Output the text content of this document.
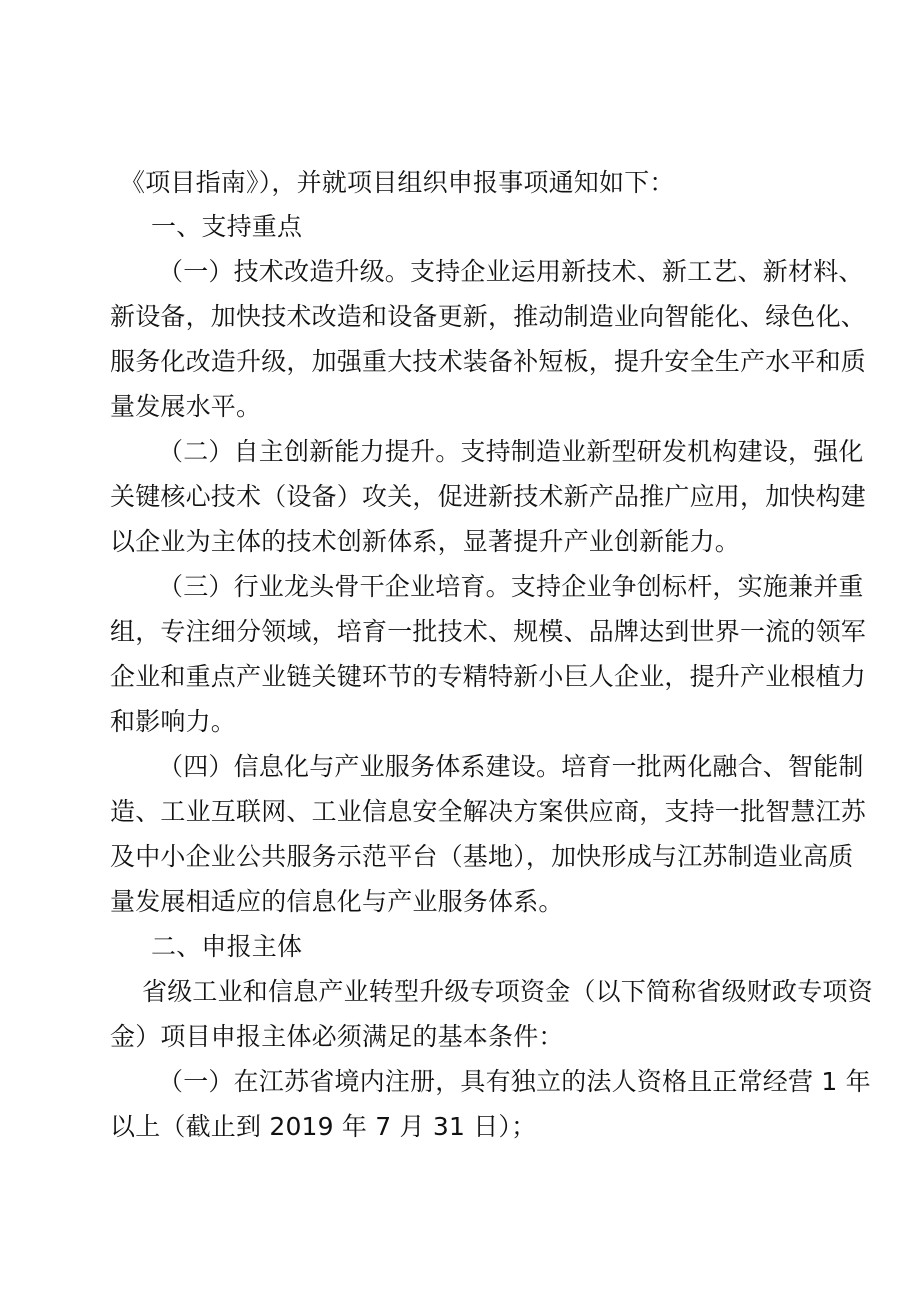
《项目指南》），并就项目组织申报事项通知如下：
一、支持重点
（一）技术改造升级。支持企业运用新技术、新工艺、新材料、
新设备，加快技术改造和设备更新，推动制造业向智能化、绿色化、
服务化改造升级，加强重大技术装备补短板，提升安全生产水平和质
量发展水平。
（二）自主创新能力提升。支持制造业新型研发机构建设，强化
关键核心技术（设备）攻关，促进新技术新产品推广应用，加快构建
以企业为主体的技术创新体系，显著提升产业创新能力。
（三）行业龙头骨干企业培育。支持企业争创标杆，实施兼并重
组，专注细分领域，培育一批技术、规模、品牌达到世界一流的领军
企业和重点产业链关键环节的专精特新小巨人企业，提升产业根植力
和影响力。
（四）信息化与产业服务体系建设。培育一批两化融合、智能制
造、工业互联网、工业信息安全解决方案供应商，支持一批智慧江苏
及中小企业公共服务示范平台（基地），加快形成与江苏制造业高质
量发展相适应的信息化与产业服务体系。
二、申报主体
省级工业和信息产业转型升级专项资金（以下简称省级财政专项资
金）项目申报主体必须满足的基本条件：
（一）在江苏省境内注册，具有独立的法人资格且正常经营 1 年
以上（截止到 2019 年 7 月 31 日）；
